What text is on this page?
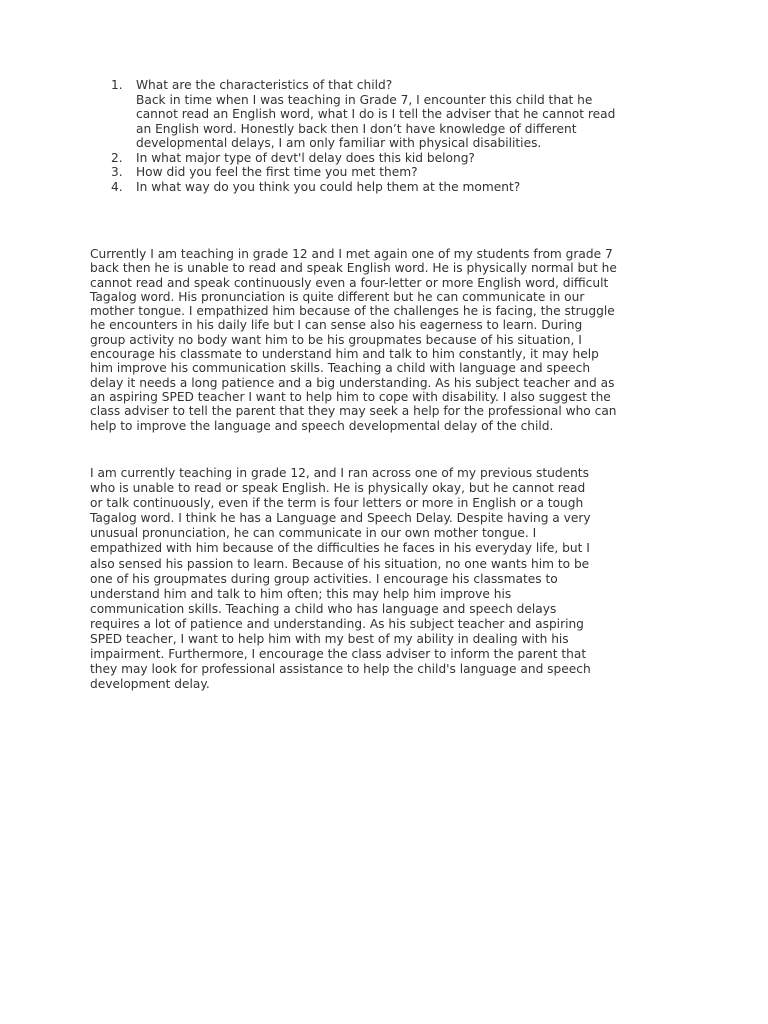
1. What are the characteristics of that child?
Back in time when I was teaching in Grade 7, I encounter this child that he
cannot read an English word, what I do is I tell the adviser that he cannot read
an English word. Honestly back then I don’t have knowledge of different
developmental delays, I am only familiar with physical disabilities.
2. In what major type of devt'l delay does this kid belong?
3. How did you feel the first time you met them?
4. In what way do you think you could help them at the moment?

Currently I am teaching in grade 12 and I met again one of my students from grade 7
back then he is unable to read and speak English word. He is physically normal but he
cannot read and speak continuously even a four-letter or more English word, difficult
Tagalog word. His pronunciation is quite different but he can communicate in our
mother tongue. I empathized him because of the challenges he is facing, the struggle
he encounters in his daily life but I can sense also his eagerness to learn. During
group activity no body want him to be his groupmates because of his situation, I
encourage his classmate to understand him and talk to him constantly, it may help
him improve his communication skills. Teaching a child with language and speech
delay it needs a long patience and a big understanding. As his subject teacher and as
an aspiring SPED teacher I want to help him to cope with disability. I also suggest the
class adviser to tell the parent that they may seek a help for the professional who can
help to improve the language and speech developmental delay of the child.

I am currently teaching in grade 12, and I ran across one of my previous students
who is unable to read or speak English. He is physically okay, but he cannot read
or talk continuously, even if the term is four letters or more in English or a tough
Tagalog word. I think he has a Language and Speech Delay. Despite having a very
unusual pronunciation, he can communicate in our own mother tongue. I
empathized with him because of the difficulties he faces in his everyday life, but I
also sensed his passion to learn. Because of his situation, no one wants him to be
one of his groupmates during group activities. I encourage his classmates to
understand him and talk to him often; this may help him improve his
communication skills. Teaching a child who has language and speech delays
requires a lot of patience and understanding. As his subject teacher and aspiring
SPED teacher, I want to help him with my best of my ability in dealing with his
impairment. Furthermore, I encourage the class adviser to inform the parent that
they may look for professional assistance to help the child's language and speech
development delay.
